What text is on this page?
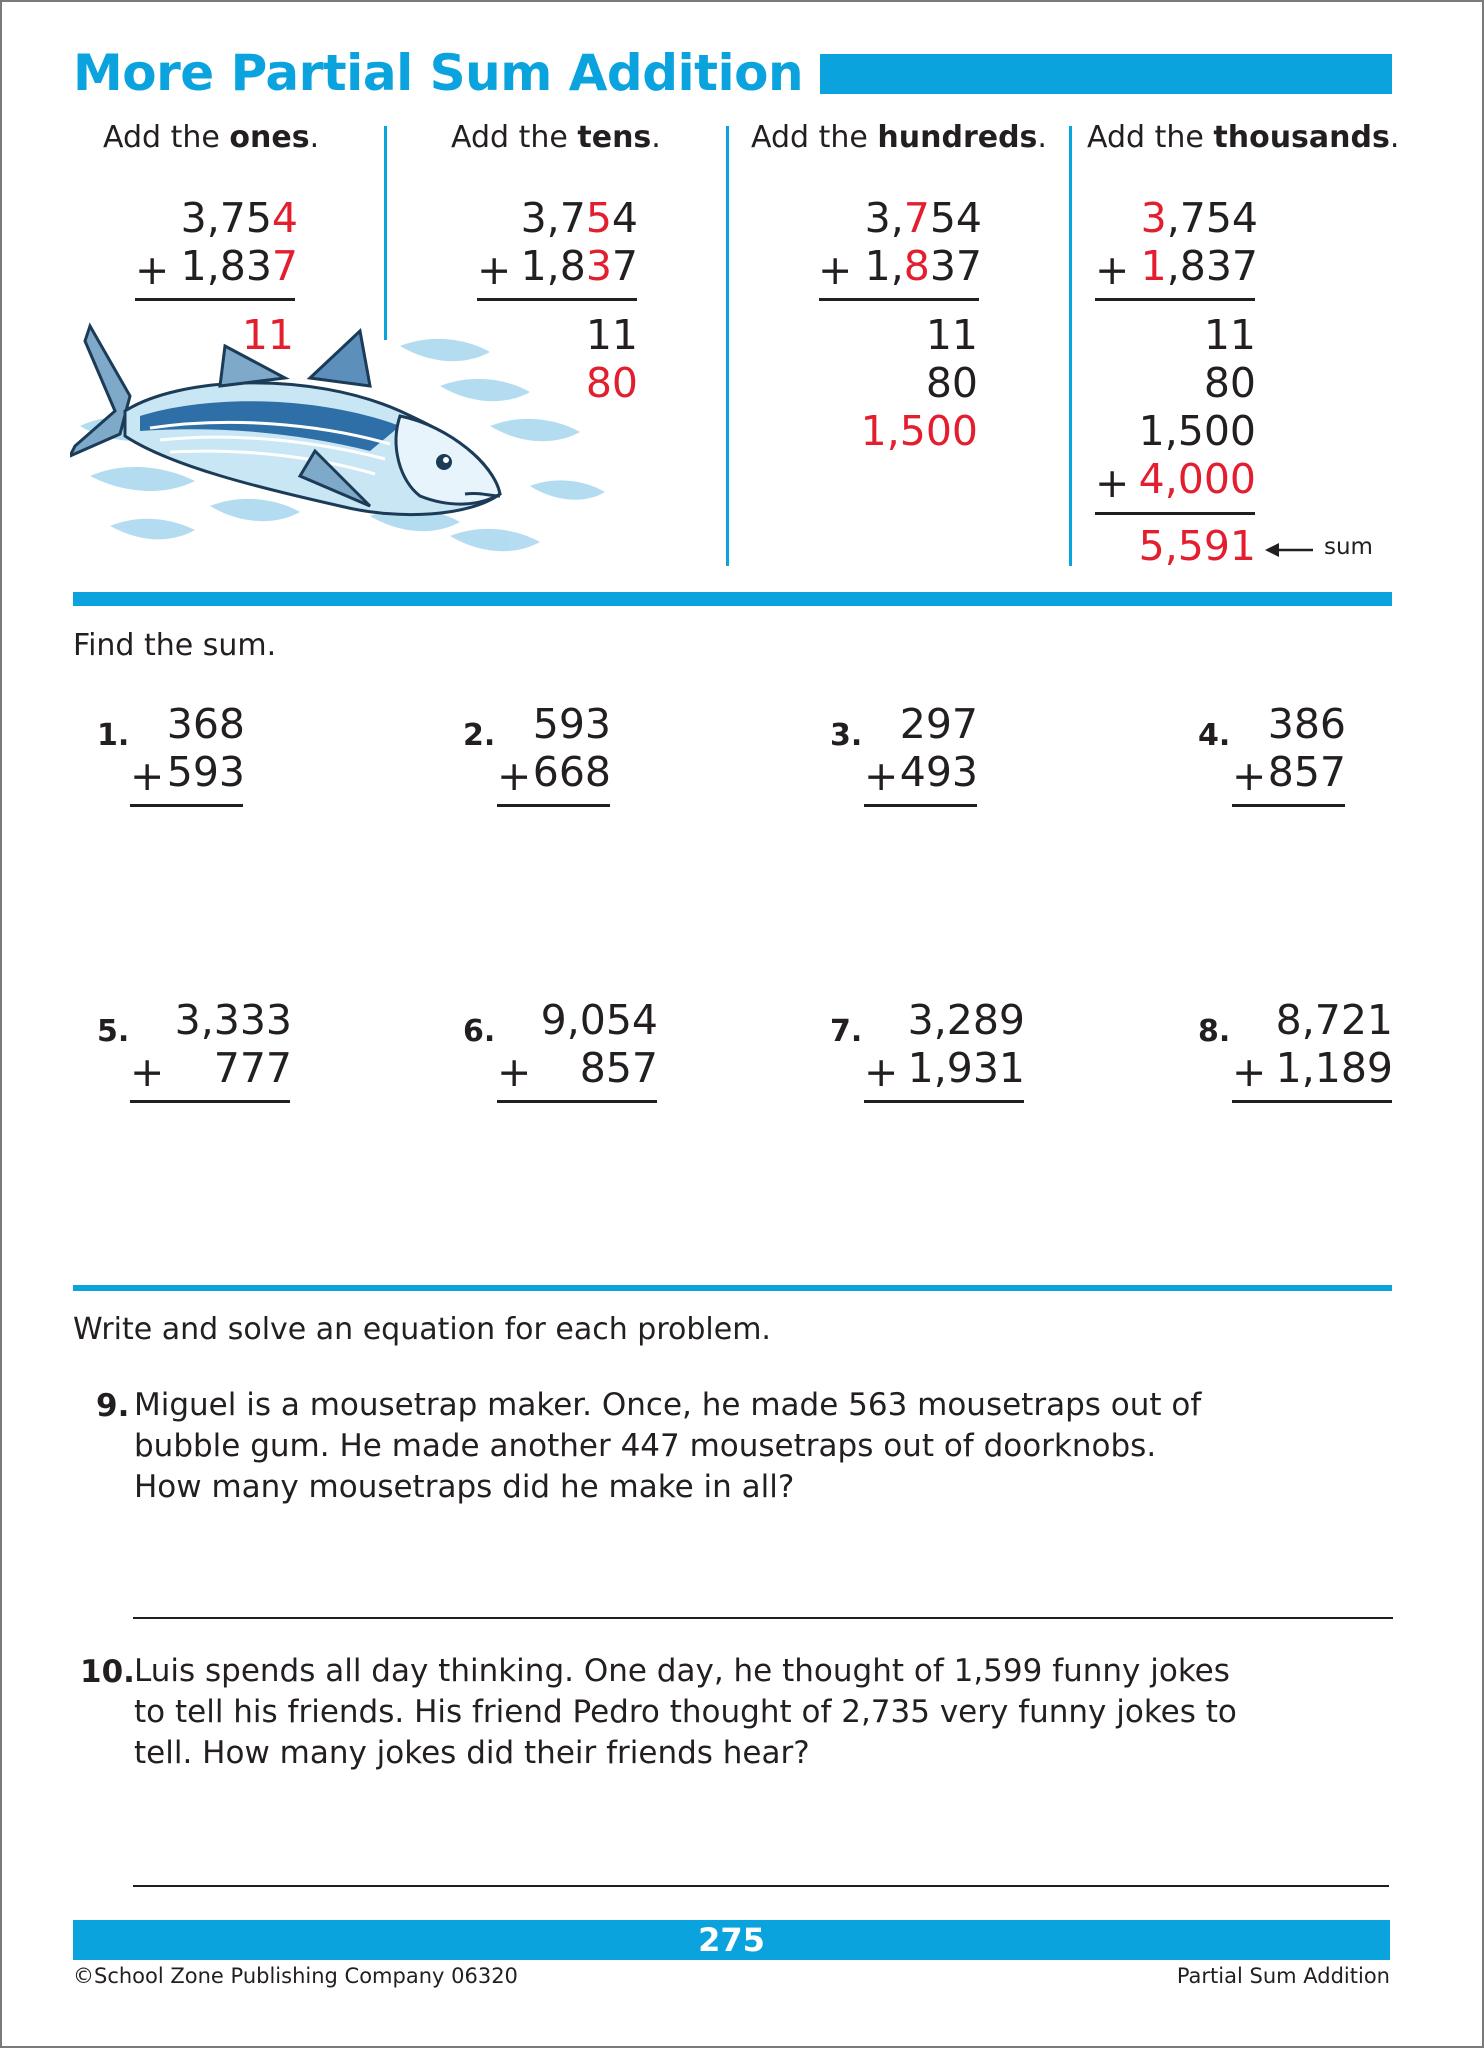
More Partial Sum Addition
Add the ones.	Add the tens.	Add the hundreds. Add the thousands.
3,754
+ 1,837
11
3,754
+ 1,837
11
80
3,754
+ 1,837
11
80
1,500
3,754
+ 1,837
11
80
1,500
+ 4,000
5,591	sum
Find the sum.
1. 368
+ 593
2. 593
+ 668
3. 297
+ 493
4. 386
+ 857
5.	3,333
+	777
6.	9,054
+	857
7.	3,289
+ 1,931
8.	8,721
+ 1,189
Write and solve an equation for each problem.
9. Miguel is a mousetrap maker. Once, he made 563 mousetraps out of
bubble gum. He made another 447 mousetraps out of doorknobs.
How many mousetraps did he make in all?
10. Luis spends all day thinking. One day, he thought of 1,599 funny jokes
to tell his friends. His friend Pedro thought of 2,735 very funny jokes to
tell. How many jokes did their friends hear?
275
©School Zone Publishing Company 06320	Partial Sum Addition
